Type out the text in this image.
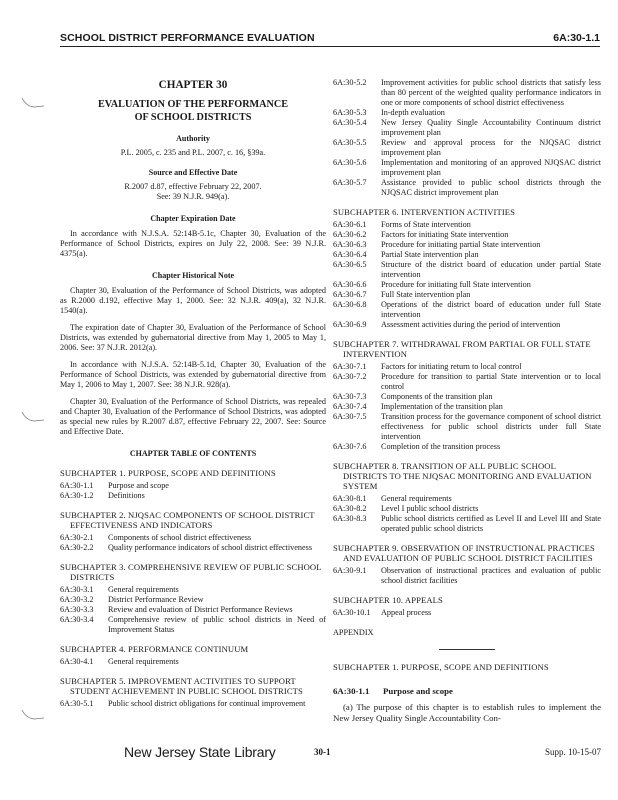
SCHOOL DISTRICT PERFORMANCE EVALUATION	6A:30-1.1
CHAPTER 30
EVALUATION OF THE PERFORMANCE
OF SCHOOL DISTRICTS
Authority
P.L. 2005, c. 235 and P.L. 2007, c. 16, §39a.
Source and Effective Date
R.2007 d.87, effective February 22, 2007.
See: 39 N.J.R. 949(a).
Chapter Expiration Date
In accordance with N.J.S.A. 52:14B-5.1c, Chapter 30, Evaluation of the Performance of School Districts, expires on July 22, 2008. See: 39 N.J.R. 4375(a).
Chapter Historical Note
Chapter 30, Evaluation of the Performance of School Districts, was adopted as R.2000 d.192, effective May 1, 2000. See: 32 N.J.R. 409(a), 32 N.J.R. 1540(a).
The expiration date of Chapter 30, Evaluation of the Performance of School Districts, was extended by gubernatorial directive from May 1, 2005 to May 1, 2006. See: 37 N.J.R. 2012(a).
In accordance with N.J.S.A. 52:14B-5.1d, Chapter 30, Evaluation of the Performance of School Districts, was extended by gubernatorial directive from May 1, 2006 to May 1, 2007. See: 38 N.J.R. 928(a).
Chapter 30, Evaluation of the Performance of School Districts, was repealed and Chapter 30, Evaluation of the Performance of School Districts, was adopted as special new rules by R.2007 d.87, effective February 22, 2007. See: Source and Effective Date.
CHAPTER TABLE OF CONTENTS
SUBCHAPTER 1. PURPOSE, SCOPE AND DEFINITIONS
6A:30-1.1 Purpose and scope
6A:30-1.2 Definitions
SUBCHAPTER 2. NJQSAC COMPONENTS OF SCHOOL DISTRICT EFFECTIVENESS AND INDICATORS
6A:30-2.1 Components of school district effectiveness
6A:30-2.2 Quality performance indicators of school district effectiveness
SUBCHAPTER 3. COMPREHENSIVE REVIEW OF PUBLIC SCHOOL DISTRICTS
6A:30-3.1 General requirements
6A:30-3.2 District Performance Review
6A:30-3.3 Review and evaluation of District Performance Reviews
6A:30-3.4 Comprehensive review of public school districts in Need of Improvement Status
SUBCHAPTER 4. PERFORMANCE CONTINUUM
6A:30-4.1 General requirements
SUBCHAPTER 5. IMPROVEMENT ACTIVITIES TO SUPPORT STUDENT ACHIEVEMENT IN PUBLIC SCHOOL DISTRICTS
6A:30-5.1 Public school district obligations for continual improvement
6A:30-5.2 Improvement activities for public school districts that satisfy less than 80 percent of the weighted quality performance indicators in one or more components of school district effectiveness
6A:30-5.3 In-depth evaluation
6A:30-5.4 New Jersey Quality Single Accountability Continuum district improvement plan
6A:30-5.5 Review and approval process for the NJQSAC district improvement plan
6A:30-5.6 Implementation and monitoring of an approved NJQSAC district improvement plan
6A:30-5.7 Assistance provided to public school districts through the NJQSAC district improvement plan
SUBCHAPTER 6. INTERVENTION ACTIVITIES
6A:30-6.1 Forms of State intervention
6A:30-6.2 Factors for initiating State intervention
6A:30-6.3 Procedure for initiating partial State intervention
6A:30-6.4 Partial State intervention plan
6A:30-6.5 Structure of the district board of education under partial State intervention
6A:30-6.6 Procedure for initiating full State intervention
6A:30-6.7 Full State intervention plan
6A:30-6.8 Operations of the district board of education under full State intervention
6A:30-6.9 Assessment activities during the period of intervention
SUBCHAPTER 7. WITHDRAWAL FROM PARTIAL OR FULL STATE INTERVENTION
6A:30-7.1 Factors for initiating return to local control
6A:30-7.2 Procedure for transition to partial State intervention or to local control
6A:30-7.3 Components of the transition plan
6A:30-7.4 Implementation of the transition plan
6A:30-7.5 Transition process for the governance component of school district effectiveness for public school districts under full State intervention
6A:30-7.6 Completion of the transition process
SUBCHAPTER 8. TRANSITION OF ALL PUBLIC SCHOOL DISTRICTS TO THE NJQSAC MONITORING AND EVALUATION SYSTEM
6A:30-8.1 General requirements
6A:30-8.2 Level I public school districts
6A:30-8.3 Public school districts certified as Level II and Level III and State operated public school districts
SUBCHAPTER 9. OBSERVATION OF INSTRUCTIONAL PRACTICES AND EVALUATION OF PUBLIC SCHOOL DISTRICT FACILITIES
6A:30-9.1 Observation of instructional practices and evaluation of public school district facilities
SUBCHAPTER 10. APPEALS
6A:30-10.1 Appeal process
APPENDIX
SUBCHAPTER 1. PURPOSE, SCOPE AND DEFINITIONS
6A:30-1.1 Purpose and scope
(a) The purpose of this chapter is to establish rules to implement the New Jersey Quality Single Accountability Con-
New Jersey State Library	30-1	Supp. 10-15-07
